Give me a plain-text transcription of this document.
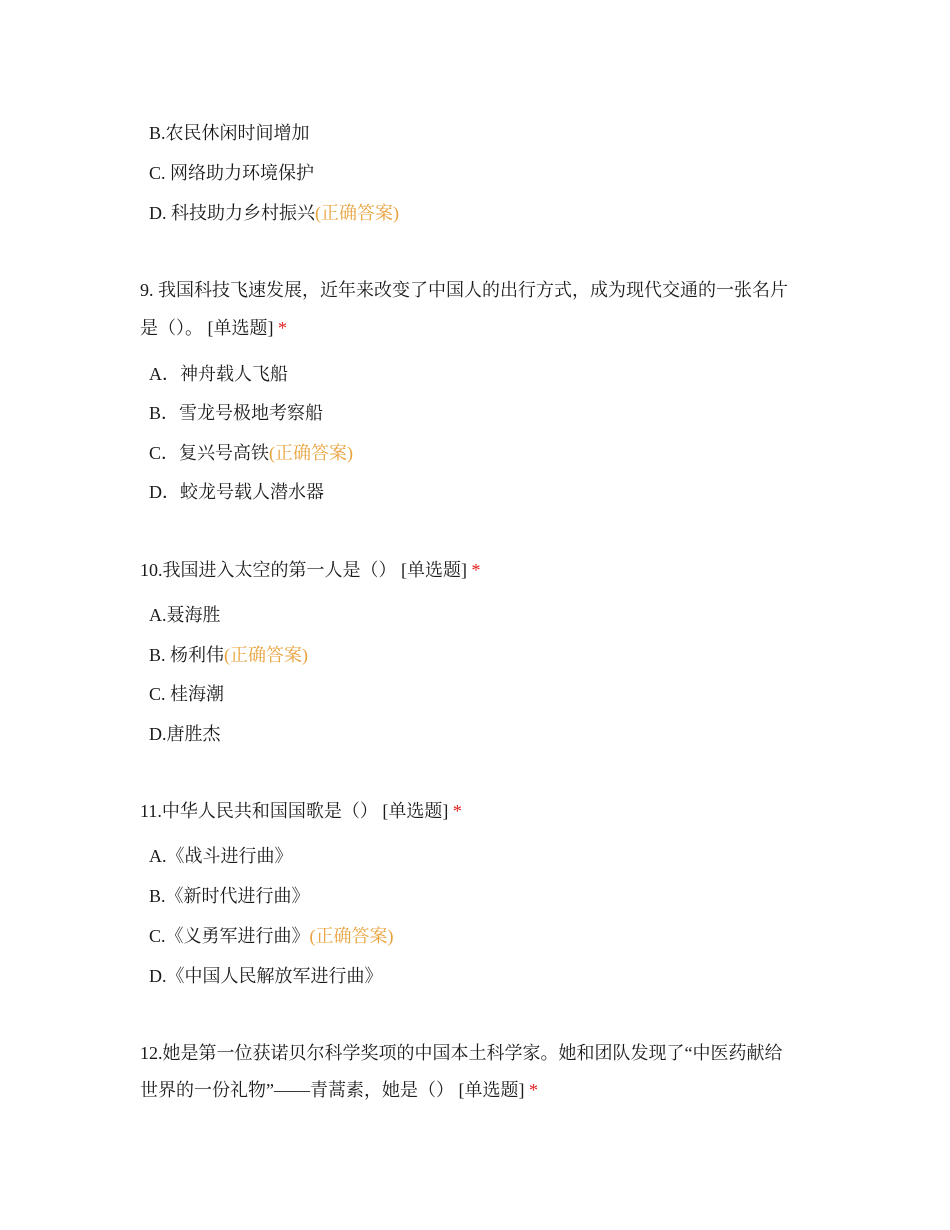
B.农民休闲时间增加
C. 网络助力环境保护
D. 科技助力乡村振兴(正确答案)
9. 我国科技飞速发展，近年来改变了中国人的出行方式，成为现代交通的一张名片
是（）。 [单选题] *
A．神舟载人飞船
B．雪龙号极地考察船
C．复兴号高铁(正确答案)
D．蛟龙号载人潜水器
10.我国进入太空的第一人是（） [单选题] *
A.聂海胜
B. 杨利伟(正确答案)
C. 桂海潮
D.唐胜杰
11.中华人民共和国国歌是（） [单选题] *
A.《战斗进行曲》
B.《新时代进行曲》
C.《义勇军进行曲》(正确答案)
D.《中国人民解放军进行曲》
12.她是第一位获诺贝尔科学奖项的中国本土科学家。她和团队发现了“中医药献给
世界的一份礼物”——青蒿素，她是（） [单选题] *
